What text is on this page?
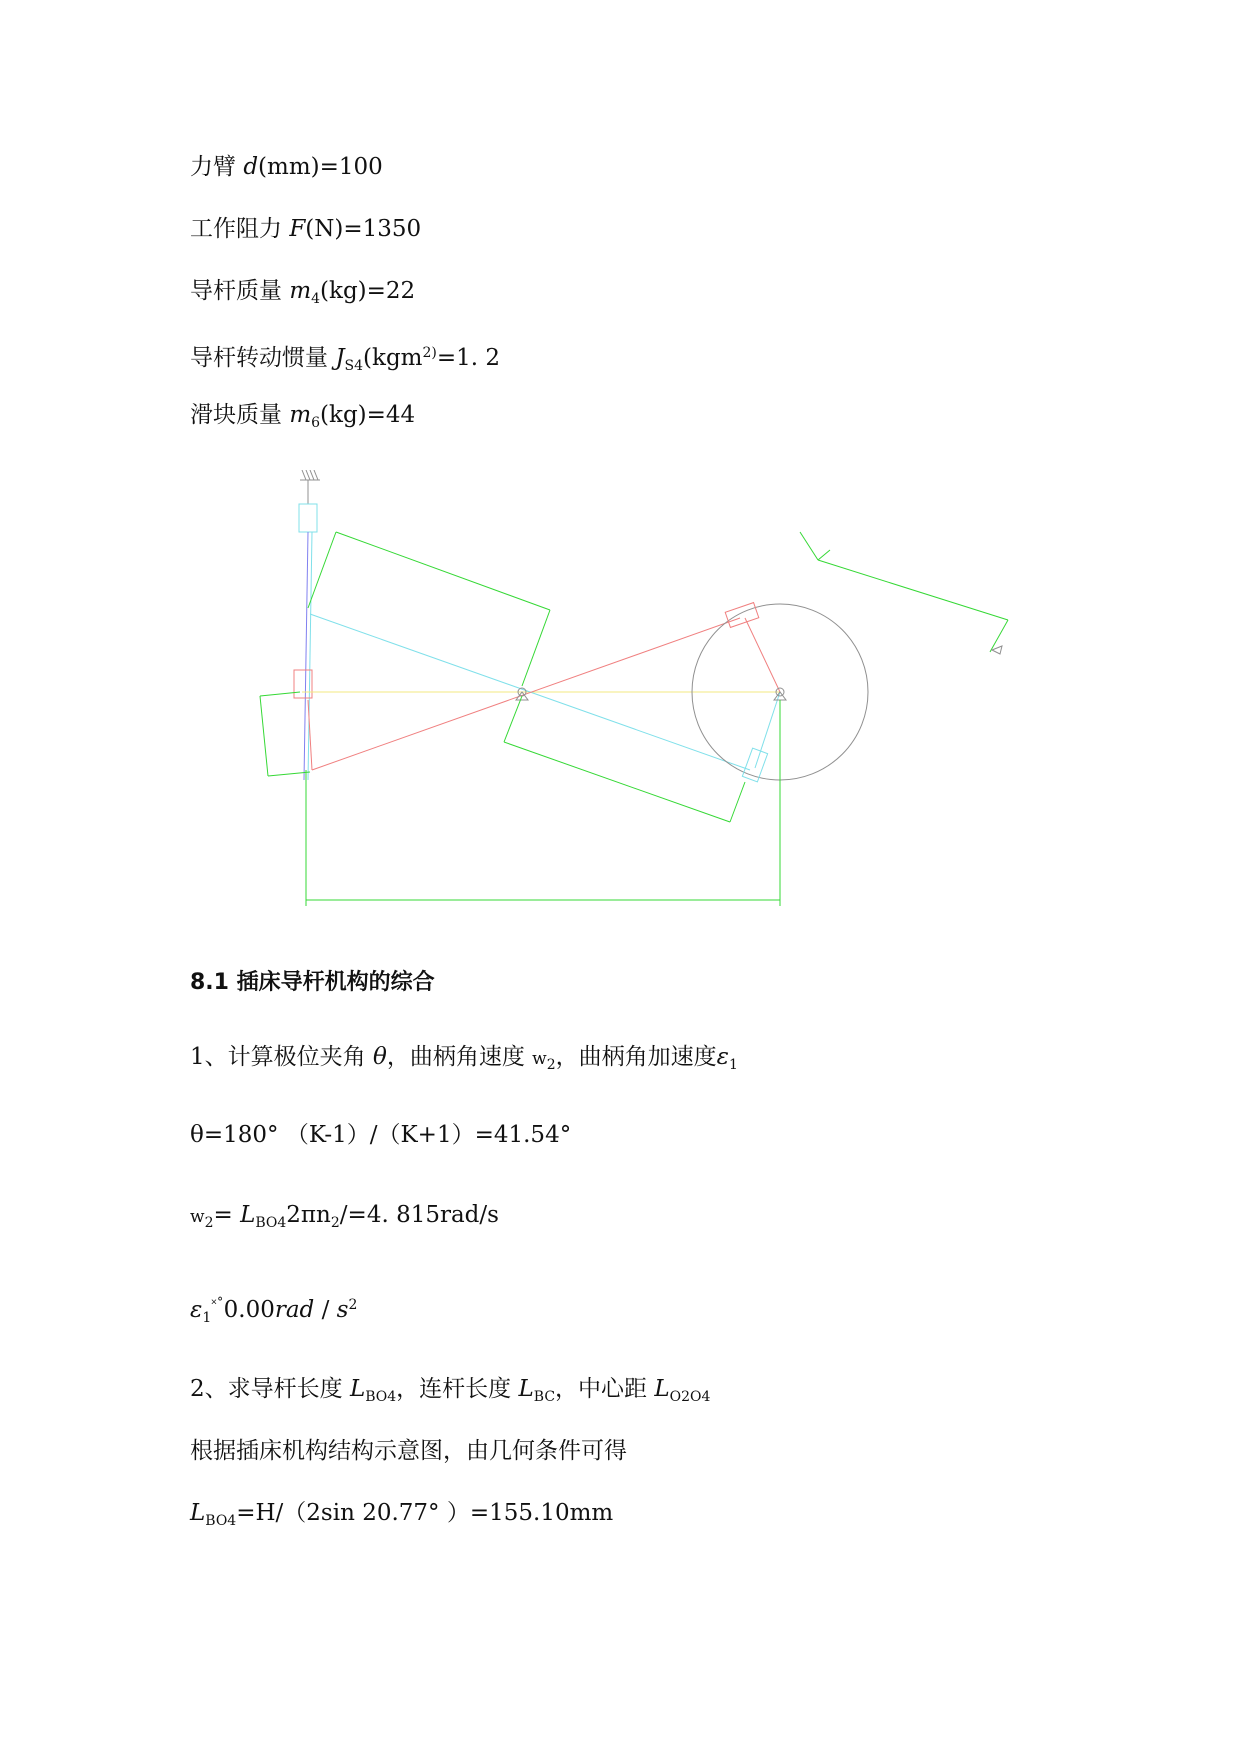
力臂 d(mm)=100
工作阻力 F(N)=1350
导杆质量 $m_4(kg)=22$
导杆转动惯量 $J_{S4}(kgm^{2)}=1$. 2
滑块质量 $m_6(kg)=44$
8.1 插床导杆机构的综合
1、计算极位夹角 θ，曲柄角速度 $w_2$，曲柄角加速度$\varepsilon_1$
θ=180° （K-1）/（K+1）=41.54°
$w_2= L_{BO4}2\pi n_2/=4$. 815rad/s
$\varepsilon_1^{˟˚}0.00rad / s^2$
2、求导杆长度 $L_{BO4}$，连杆长度 $L_{BC}$，中心距 $L_{O2O4}$
根据插床机构结构示意图，由几何条件可得
$L_{BO4}=H/(2\sin$ 20.77° ）=155.10mm
